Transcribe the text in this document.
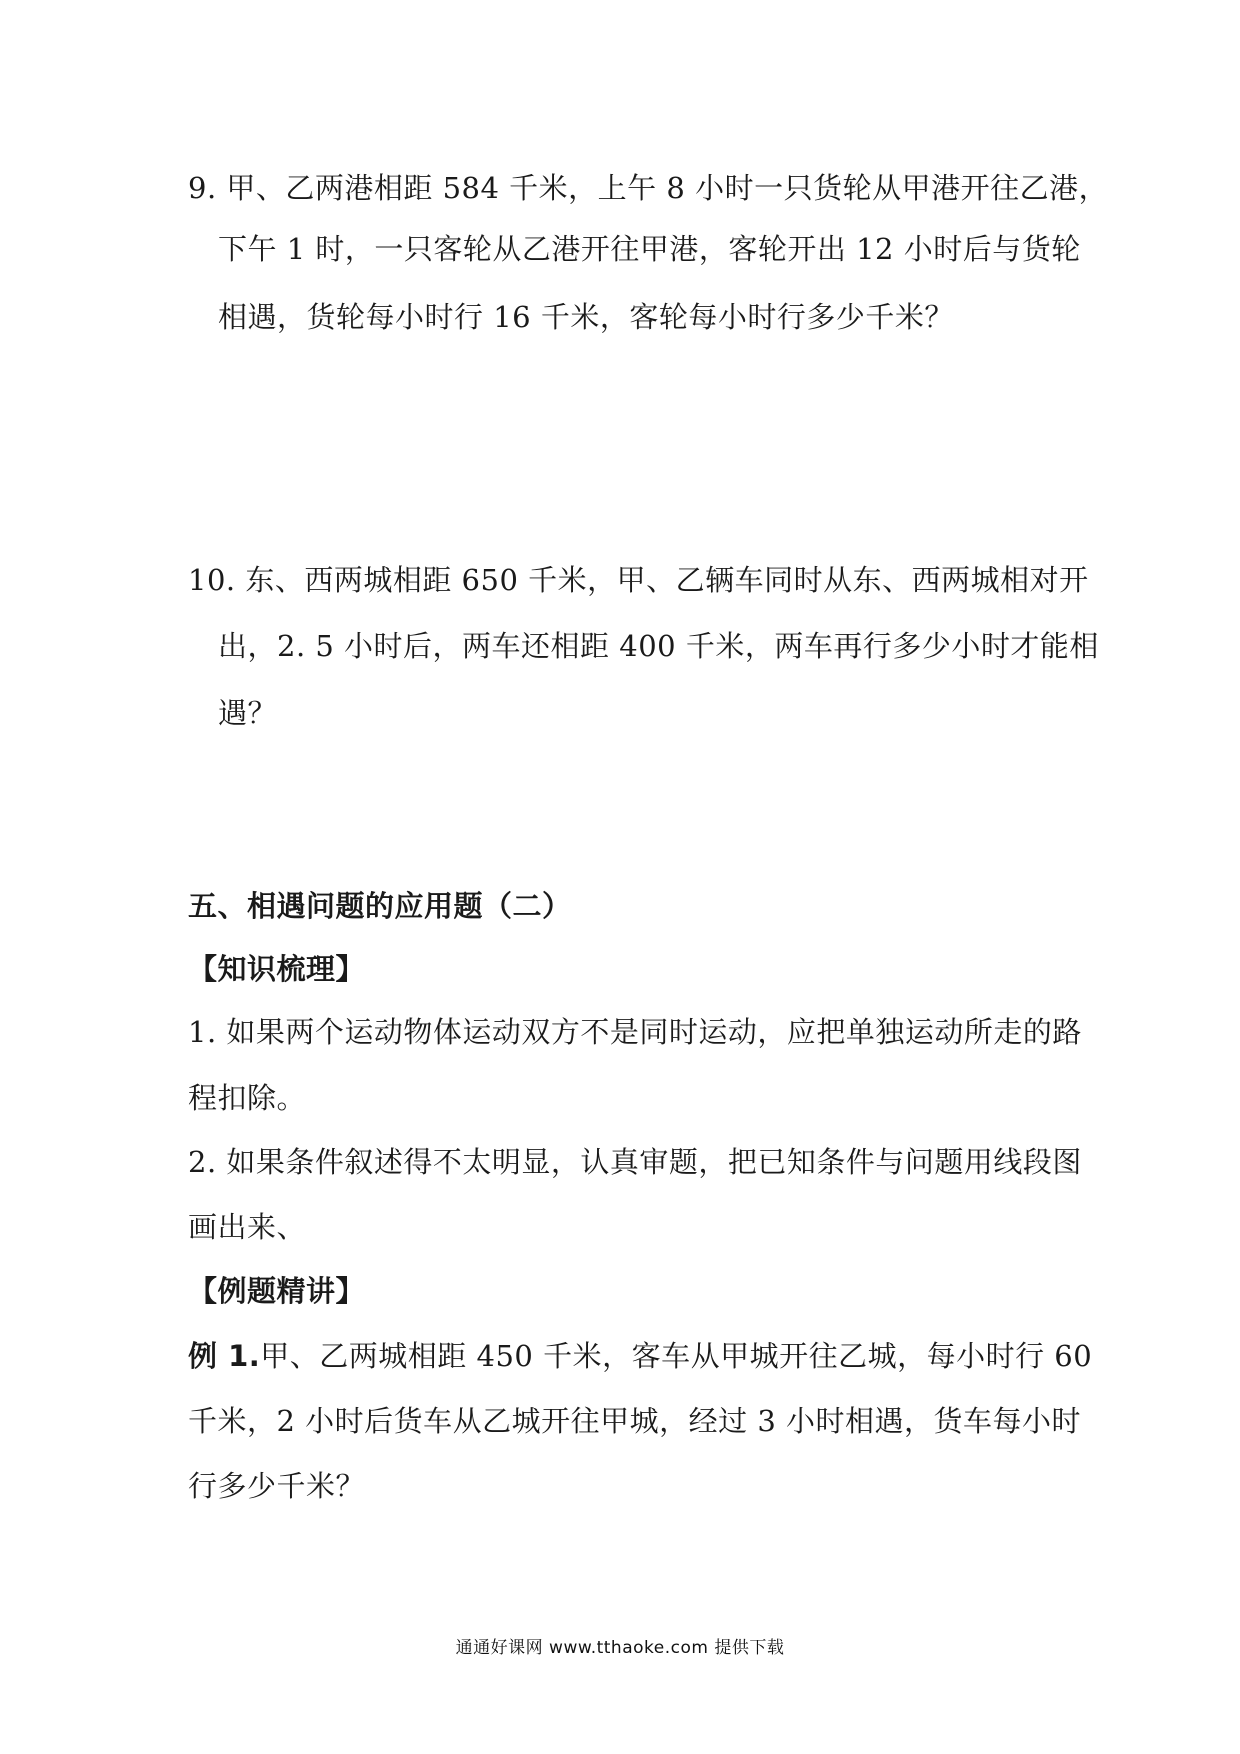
9. 甲、乙两港相距 584 千米，上午 8 小时一只货轮从甲港开往乙港，
下午 1 时，一只客轮从乙港开往甲港，客轮开出 12 小时后与货轮
相遇，货轮每小时行 16 千米，客轮每小时行多少千米？
10. 东、西两城相距 650 千米，甲、乙辆车同时从东、西两城相对开
出，2. 5 小时后，两车还相距 400 千米，两车再行多少小时才能相
遇？
五、相遇问题的应用题（二）
【知识梳理】
1. 如果两个运动物体运动双方不是同时运动，应把单独运动所走的路
程扣除。
2. 如果条件叙述得不太明显，认真审题，把已知条件与问题用线段图
画出来、
【例题精讲】
例 1.甲、乙两城相距 450 千米，客车从甲城开往乙城，每小时行 60
千米，2 小时后货车从乙城开往甲城，经过 3 小时相遇，货车每小时
行多少千米？
通通好课网 www.tthaoke.com 提供下载
